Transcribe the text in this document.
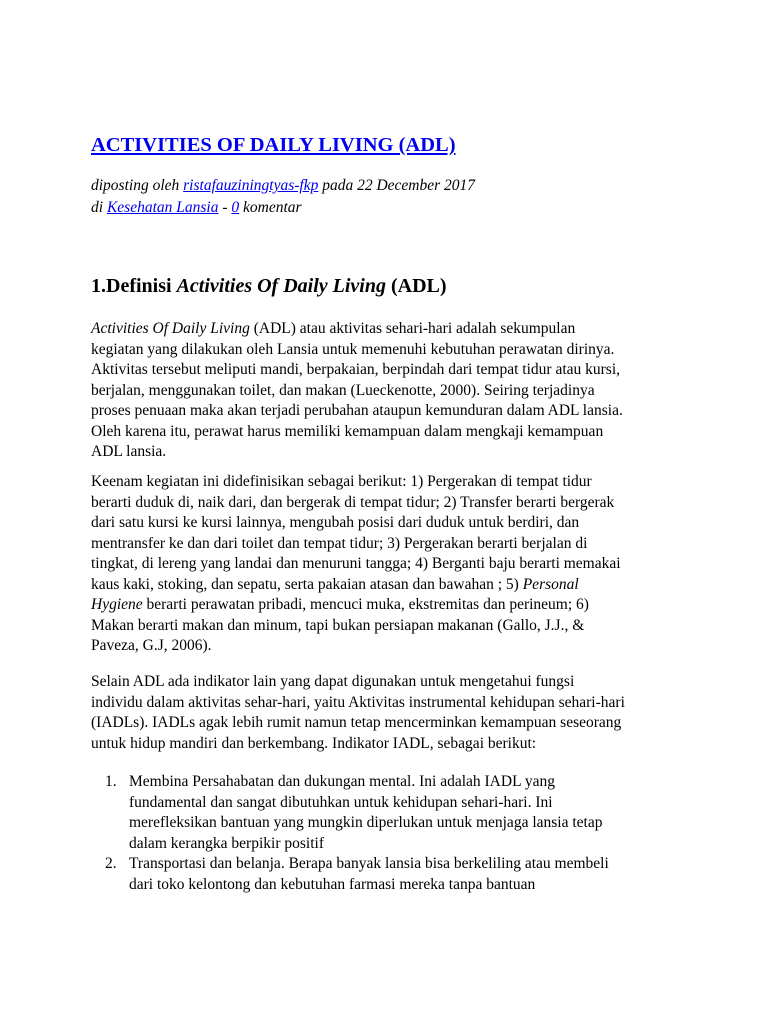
ACTIVITIES OF DAILY LIVING (ADL)
diposting oleh ristafauziningtyas-fkp pada 22 December 2017
di Kesehatan Lansia - 0 komentar
1.Definisi Activities Of Daily Living (ADL)
Activities Of Daily Living (ADL) atau aktivitas sehari-hari adalah sekumpulan
kegiatan yang dilakukan oleh Lansia untuk memenuhi kebutuhan perawatan dirinya.
Aktivitas tersebut meliputi mandi, berpakaian, berpindah dari tempat tidur atau kursi,
berjalan, menggunakan toilet, dan makan (Lueckenotte, 2000). Seiring terjadinya
proses penuaan maka akan terjadi perubahan ataupun kemunduran dalam ADL lansia.
Oleh karena itu, perawat harus memiliki kemampuan dalam mengkaji kemampuan
ADL lansia.
Keenam kegiatan ini didefinisikan sebagai berikut: 1) Pergerakan di tempat tidur
berarti duduk di, naik dari, dan bergerak di tempat tidur; 2) Transfer berarti bergerak
dari satu kursi ke kursi lainnya, mengubah posisi dari duduk untuk berdiri, dan
mentransfer ke dan dari toilet dan tempat tidur; 3) Pergerakan berarti berjalan di
tingkat, di lereng yang landai dan menuruni tangga; 4) Berganti baju berarti memakai
kaus kaki, stoking, dan sepatu, serta pakaian atasan dan bawahan ; 5) Personal
Hygiene berarti perawatan pribadi, mencuci muka, ekstremitas dan perineum; 6)
Makan berarti makan dan minum, tapi bukan persiapan makanan (Gallo, J.J., &
Paveza, G.J, 2006).
Selain ADL ada indikator lain yang dapat digunakan untuk mengetahui fungsi
individu dalam aktivitas sehar-hari, yaitu Aktivitas instrumental kehidupan sehari-hari
(IADLs). IADLs agak lebih rumit namun tetap mencerminkan kemampuan seseorang
untuk hidup mandiri dan berkembang. Indikator IADL, sebagai berikut:
1. Membina Persahabatan dan dukungan mental. Ini adalah IADL yang
fundamental dan sangat dibutuhkan untuk kehidupan sehari-hari. Ini
merefleksikan bantuan yang mungkin diperlukan untuk menjaga lansia tetap
dalam kerangka berpikir positif
2. Transportasi dan belanja. Berapa banyak lansia bisa berkeliling atau membeli
dari toko kelontong dan kebutuhan farmasi mereka tanpa bantuan
